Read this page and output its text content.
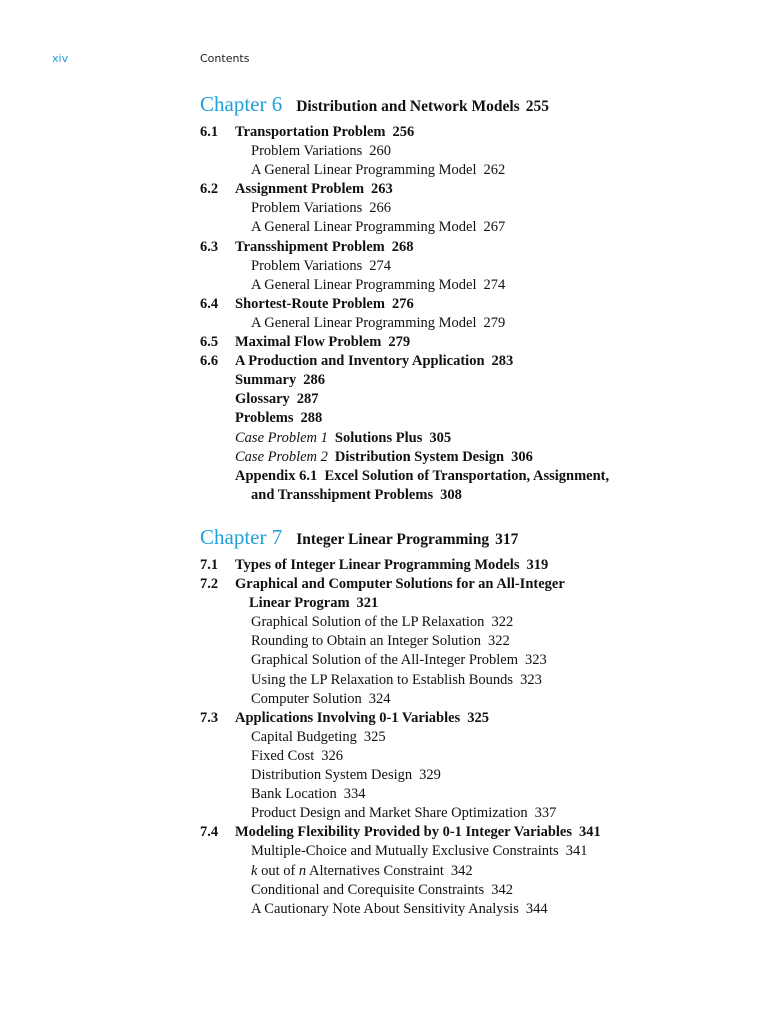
xiv	Contents
Chapter 6 Distribution and Network Models 255
6.1 Transportation Problem 256
Problem Variations 260
A General Linear Programming Model 262
6.2 Assignment Problem 263
Problem Variations 266
A General Linear Programming Model 267
6.3 Transshipment Problem 268
Problem Variations 274
A General Linear Programming Model 274
6.4 Shortest-Route Problem 276
A General Linear Programming Model 279
6.5 Maximal Flow Problem 279
6.6 A Production and Inventory Application 283
Summary 286
Glossary 287
Problems 288
Case Problem 1 Solutions Plus 305
Case Problem 2 Distribution System Design 306
Appendix 6.1  Excel Solution of Transportation, Assignment,
and Transshipment Problems 308
Chapter 7 Integer Linear Programming 317
7.1 Types of Integer Linear Programming Models 319
7.2 Graphical and Computer Solutions for an All-Integer
Linear Program 321
Graphical Solution of the LP Relaxation 322
Rounding to Obtain an Integer Solution 322
Graphical Solution of the All-Integer Problem 323
Using the LP Relaxation to Establish Bounds 323
Computer Solution 324
7.3 Applications Involving 0-1 Variables 325
Capital Budgeting 325
Fixed Cost 326
Distribution System Design 329
Bank Location 334
Product Design and Market Share Optimization 337
7.4 Modeling Flexibility Provided by 0-1 Integer Variables 341
Multiple-Choice and Mutually Exclusive Constraints 341
k out of n Alternatives Constraint 342
Conditional and Corequisite Constraints 342
A Cautionary Note About Sensitivity Analysis 344
